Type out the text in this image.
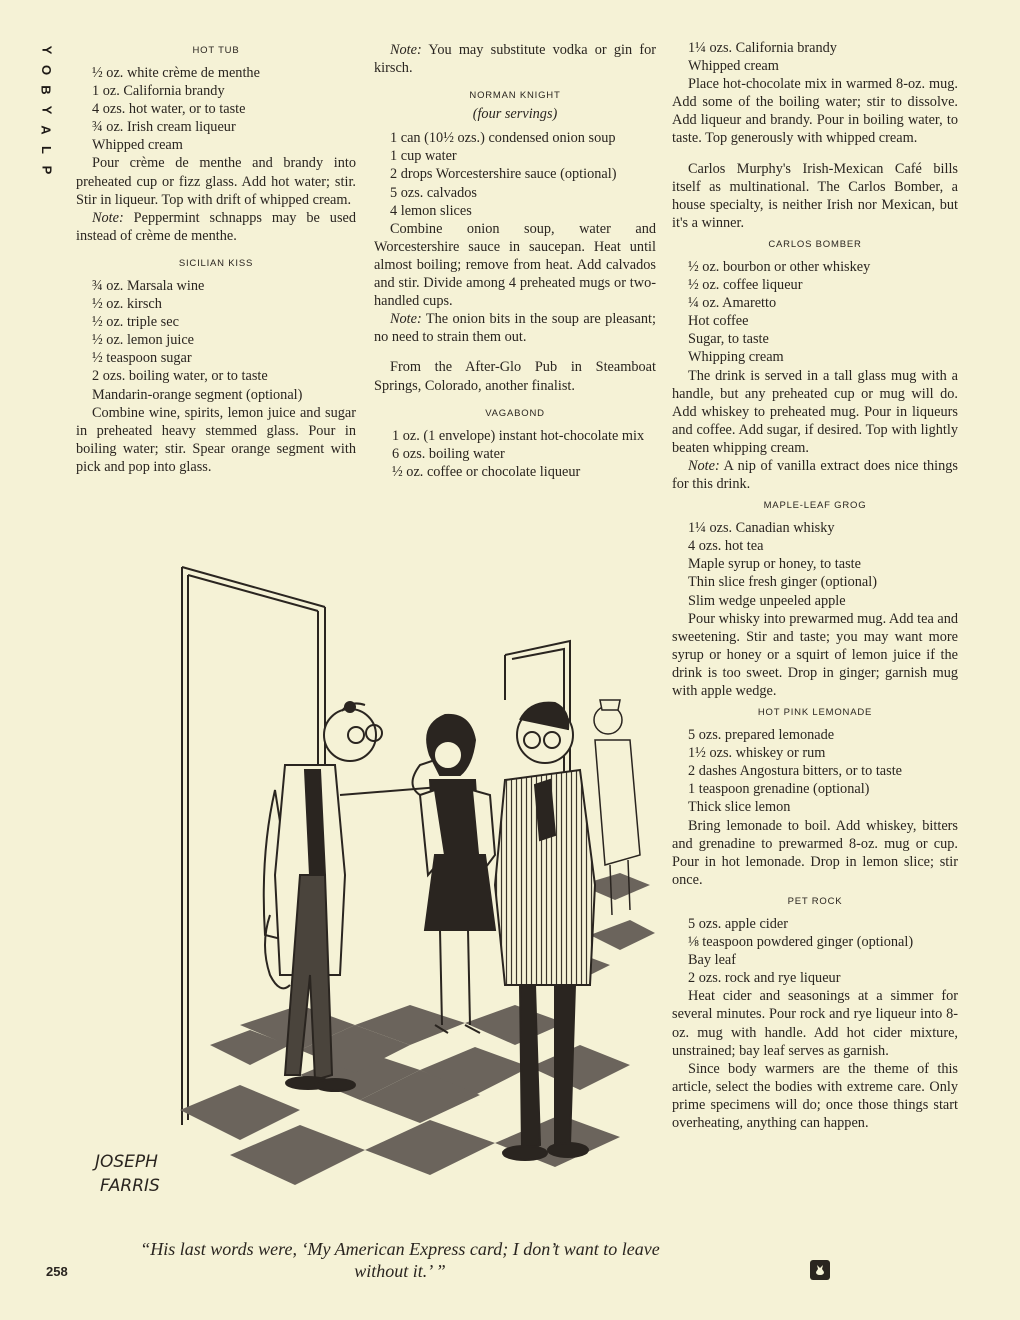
Y
O
B
Y
A
L
P
HOT TUB
½ oz. white crème de menthe
1 oz. California brandy
4 ozs. hot water, or to taste
¾ oz. Irish cream liqueur
Whipped cream

Pour crème de menthe and brandy into preheated cup or fizz glass. Add hot water; stir. Stir in liqueur. Top with drift of whipped cream.

Note: Peppermint schnapps may be used instead of crème de menthe.

SICILIAN KISS
¾ oz. Marsala wine
½ oz. kirsch
½ oz. triple sec
½ oz. lemon juice
½ teaspoon sugar
2 ozs. boiling water, or to taste
Mandarin-orange segment (optional)

Combine wine, spirits, lemon juice and sugar in preheated heavy stemmed glass. Pour in boiling water; stir. Spear orange segment with pick and pop into glass.

Note: You may substitute vodka or gin for kirsch.

NORMAN KNIGHT
(four servings)
1 can (10½ ozs.) condensed onion soup
1 cup water
2 drops Worcestershire sauce (optional)
5 ozs. calvados
4 lemon slices

Combine onion soup, water and Worcestershire sauce in saucepan. Heat until almost boiling; remove from heat. Add calvados and stir. Divide among 4 preheated mugs or two-handled cups.

Note: The onion bits in the soup are pleasant; no need to strain them out.

From the After-Glo Pub in Steamboat Springs, Colorado, another finalist.

VAGABOND
1 oz. (1 envelope) instant hot-chocolate mix
6 ozs. boiling water
½ oz. coffee or chocolate liqueur
1¼ ozs. California brandy
Whipped cream

Place hot-chocolate mix in warmed 8-oz. mug. Add some of the boiling water; stir to dissolve. Add liqueur and brandy. Pour in boiling water, to taste. Top generously with whipped cream.

Carlos Murphy's Irish-Mexican Café bills itself as multinational. The Carlos Bomber, a house specialty, is neither Irish nor Mexican, but it's a winner.

CARLOS BOMBER
½ oz. bourbon or other whiskey
½ oz. coffee liqueur
¼ oz. Amaretto
Hot coffee
Sugar, to taste
Whipping cream

The drink is served in a tall glass mug with a handle, but any preheated cup or mug will do. Add whiskey to preheated mug. Pour in liqueurs and coffee. Add sugar, if desired. Top with lightly beaten whipping cream.

Note: A nip of vanilla extract does nice things for this drink.

MAPLE-LEAF GROG
1¼ ozs. Canadian whisky
4 ozs. hot tea
Maple syrup or honey, to taste
Thin slice fresh ginger (optional)
Slim wedge unpeeled apple

Pour whisky into prewarmed mug. Add tea and sweetening. Stir and taste; you may want more syrup or honey or a squirt of lemon juice if the drink is too sweet. Drop in ginger; garnish mug with apple wedge.

HOT PINK LEMONADE
5 ozs. prepared lemonade
1½ ozs. whiskey or rum
2 dashes Angostura bitters, or to taste
1 teaspoon grenadine (optional)
Thick slice lemon

Bring lemonade to boil. Add whiskey, bitters and grenadine to prewarmed 8-oz. mug or cup. Pour in hot lemonade. Drop in lemon slice; stir once.

PET ROCK
5 ozs. apple cider
⅛ teaspoon powdered ginger (optional)
Bay leaf
2 ozs. rock and rye liqueur

Heat cider and seasonings at a simmer for several minutes. Pour rock and rye liqueur into 8-oz. mug with handle. Add hot cider mixture, unstrained; bay leaf serves as garnish.

Since body warmers are the theme of this article, select the bodies with extreme care. Only prime specimens will do; once those things start overheating, anything can happen.

JOSEPH
FARRIS
“His last words were, ‘My American Express card; I don’t want to leave without it.’ ”
258
